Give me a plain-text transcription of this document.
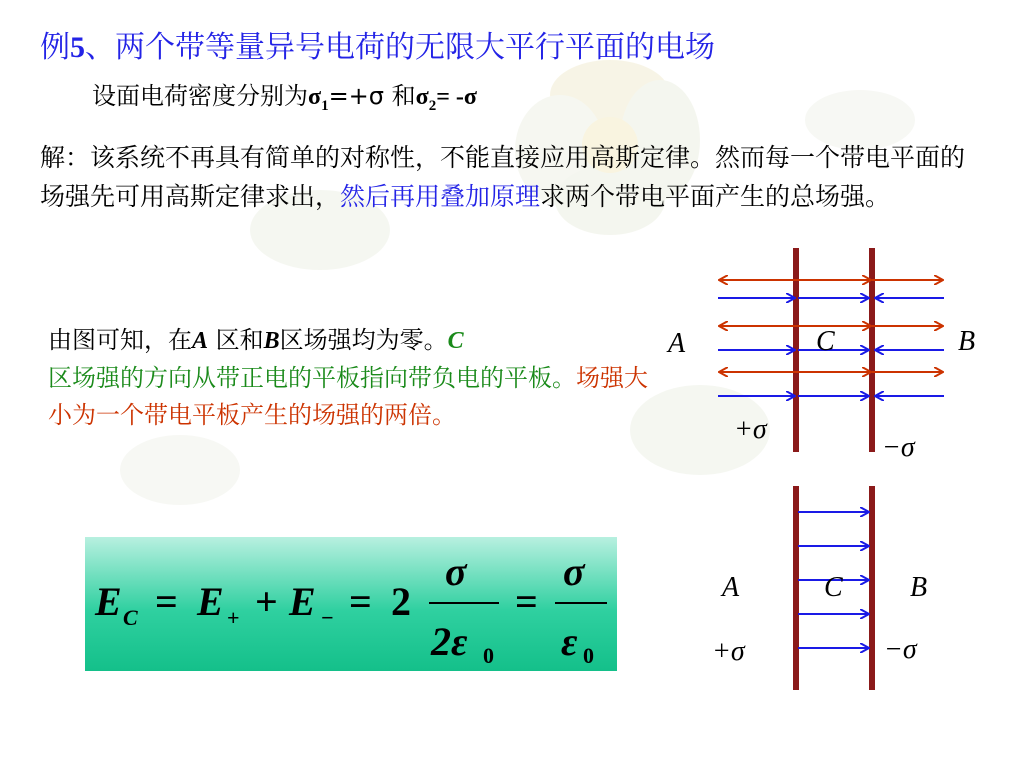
例5、两个带等量异号电荷的无限大平行平面的电场
设面电荷密度分别为$\sigma_1=+\sigma$ 和$\sigma_2= -\sigma$
解：该系统不再具有简单的对称性，不能直接应用高斯定律。然而每一个带电平面的场强先可用高斯定律求出，然后再用叠加原理求两个带电平面产生的总场强。
由图可知，在A 区和B区场强均为零。C
区场强的方向从带正电的平板指向带负电的平板。场强大小为一个带电平板产生的场强的两倍。
E C = E + + E − = 2
σ
2ε 0
=
σ
ε 0
A	C	B
+σ
−σ
A	C B
+σ	−σ
